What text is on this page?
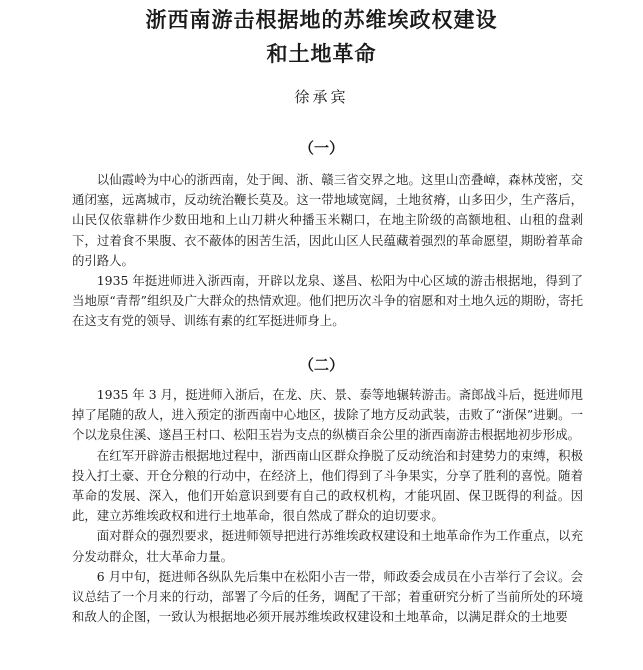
浙西南游击根据地的苏维埃政权建设
和土地革命
徐承宾
（一）

以仙霞岭为中心的浙西南，处于闽、浙、赣三省交界之地。这里山峦叠嶂，森林茂密，交通闭塞，远离城市，反动统治鞭长莫及。这一带地域宽阔，土地贫瘠，山多田少，生产落后，山民仅依靠耕作少数田地和上山刀耕火种播玉米糊口，在地主阶级的高额地租、山租的盘剥下，过着食不果腹、衣不蔽体的困苦生活，因此山区人民蕴藏着强烈的革命愿望，期盼着革命的引路人。

1935 年挺进师进入浙西南，开辟以龙泉、遂昌、松阳为中心区域的游击根据地，得到了当地原“青帮”组织及广大群众的热情欢迎。他们把历次斗争的宿愿和对土地久远的期盼，寄托在这支有党的领导、训练有素的红军挺进师身上。

（二）

1935 年 3 月，挺进师入浙后，在龙、庆、景、泰等地辗转游击。斋郎战斗后，挺进师甩掉了尾随的敌人，进入预定的浙西南中心地区，拔除了地方反动武装，击败了“浙保”进剿。一个以龙泉住溪、遂昌王村口、松阳玉岩为支点的纵横百余公里的浙西南游击根据地初步形成。

在红军开辟游击根据地过程中，浙西南山区群众挣脱了反动统治和封建势力的束缚，积极投入打土豪、开仓分粮的行动中，在经济上，他们得到了斗争果实，分享了胜利的喜悦。随着革命的发展、深入，他们开始意识到要有自己的政权机构，才能巩固、保卫既得的利益。因此，建立苏维埃政权和进行土地革命，很自然成了群众的迫切要求。

面对群众的强烈要求，挺进师领导把进行苏维埃政权建设和土地革命作为工作重点，以充分发动群众，壮大革命力量。

6 月中旬，挺进师各纵队先后集中在松阳小吉一带，师政委会成员在小吉举行了会议。会议总结了一个月来的行动，部署了今后的任务，调配了干部；着重研究分析了当前所处的环境和敌人的企图，一致认为根据地必须开展苏维埃政权建设和土地革命，以满足群众的土地要
